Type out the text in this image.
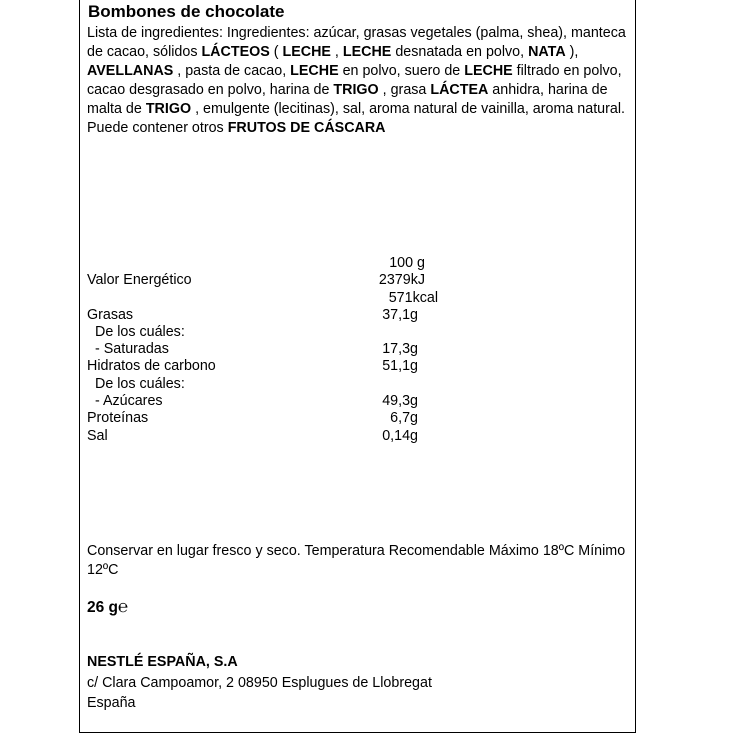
Bombones de chocolate
Lista de ingredientes: Ingredientes: azúcar, grasas vegetales (palma, shea), manteca de cacao, sólidos LÁCTEOS ( LECHE , LECHE desnatada en polvo, NATA ), AVELLANAS , pasta de cacao, LECHE en polvo, suero de LECHE filtrado en polvo, cacao desgrasado en polvo, harina de TRIGO , grasa LÁCTEA anhidra, harina de malta de TRIGO , emulgente (lecitinas), sal, aroma natural de vainilla, aroma natural. Puede contener otros FRUTOS DE CÁSCARA
100 g
Valor Energético	2379kJ
571kcal
Grasas	37,1g
De los cuáles:
- Saturadas	17,3g
Hidratos de carbono	51,1g
De los cuáles:
- Azúcares	49,3g
Proteínas	6,7g
Sal	0,14g
Conservar en lugar fresco y seco. Temperatura Recomendable Máximo 18ºC Mínimo 12ºC
26 g℮
NESTLÉ ESPAÑA, S.A
c/ Clara Campoamor, 2 08950 Esplugues de Llobregat
España
